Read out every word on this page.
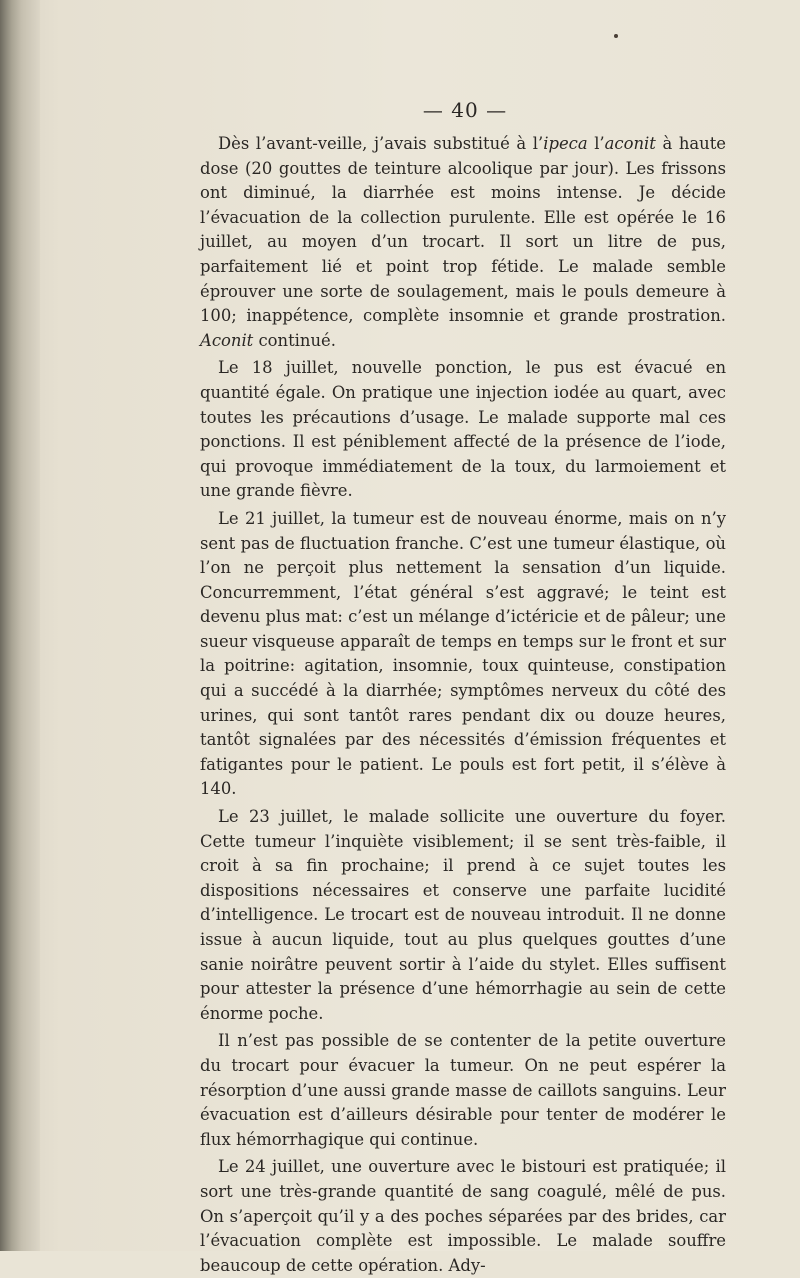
— 40 —

Dès l’avant-veille, j’avais substitué à l’ipeca l’aconit à haute dose (20 gouttes de teinture alcoolique par jour). Les frissons ont diminué, la diarrhée est moins intense. Je décide l’évacuation de la collection purulente. Elle est opérée le 16 juillet, au moyen d’un trocart. Il sort un litre de pus, parfaitement lié et point trop fétide. Le malade semble éprouver une sorte de soulagement, mais le pouls demeure à 100; inappétence, complète insomnie et grande prostration. Aconit continué.

Le 18 juillet, nouvelle ponction, le pus est évacué en quantité égale. On pratique une injection iodée au quart, avec toutes les précautions d’usage. Le malade supporte mal ces ponctions. Il est péniblement affecté de la présence de l’iode, qui provoque immédiatement de la toux, du larmoiement et une grande fièvre.

Le 21 juillet, la tumeur est de nouveau énorme, mais on n’y sent pas de fluctuation franche. C’est une tumeur élastique, où l’on ne perçoit plus nettement la sensation d’un liquide. Concurremment, l’état général s’est aggravé; le teint est devenu plus mat: c’est un mélange d’ictéricie et de pâleur; une sueur visqueuse apparaît de temps en temps sur le front et sur la poitrine: agitation, insomnie, toux quinteuse, constipation qui a succédé à la diarrhée; symptômes nerveux du côté des urines, qui sont tantôt rares pendant dix ou douze heures, tantôt signalées par des nécessités d’émission fréquentes et fatigantes pour le patient. Le pouls est fort petit, il s’élève à 140.

Le 23 juillet, le malade sollicite une ouverture du foyer. Cette tumeur l’inquiète visiblement; il se sent très-faible, il croit à sa fin prochaine; il prend à ce sujet toutes les dispositions nécessaires et conserve une parfaite lucidité d’intelligence. Le trocart est de nouveau introduit. Il ne donne issue à aucun liquide, tout au plus quelques gouttes d’une sanie noirâtre peuvent sortir à l’aide du stylet. Elles suffisent pour attester la présence d’une hémorrhagie au sein de cette énorme poche.

Il n’est pas possible de se contenter de la petite ouverture du trocart pour évacuer la tumeur. On ne peut espérer la résorption d’une aussi grande masse de caillots sanguins. Leur évacuation est d’ailleurs désirable pour tenter de modérer le flux hémorrhagique qui continue.

Le 24 juillet, une ouverture avec le bistouri est pratiquée; il sort une très-grande quantité de sang coagulé, mêlé de pus. On s’aperçoit qu’il y a des poches séparées par des brides, car l’évacuation complète est impossible. Le malade souffre beaucoup de cette opération. Ady-
